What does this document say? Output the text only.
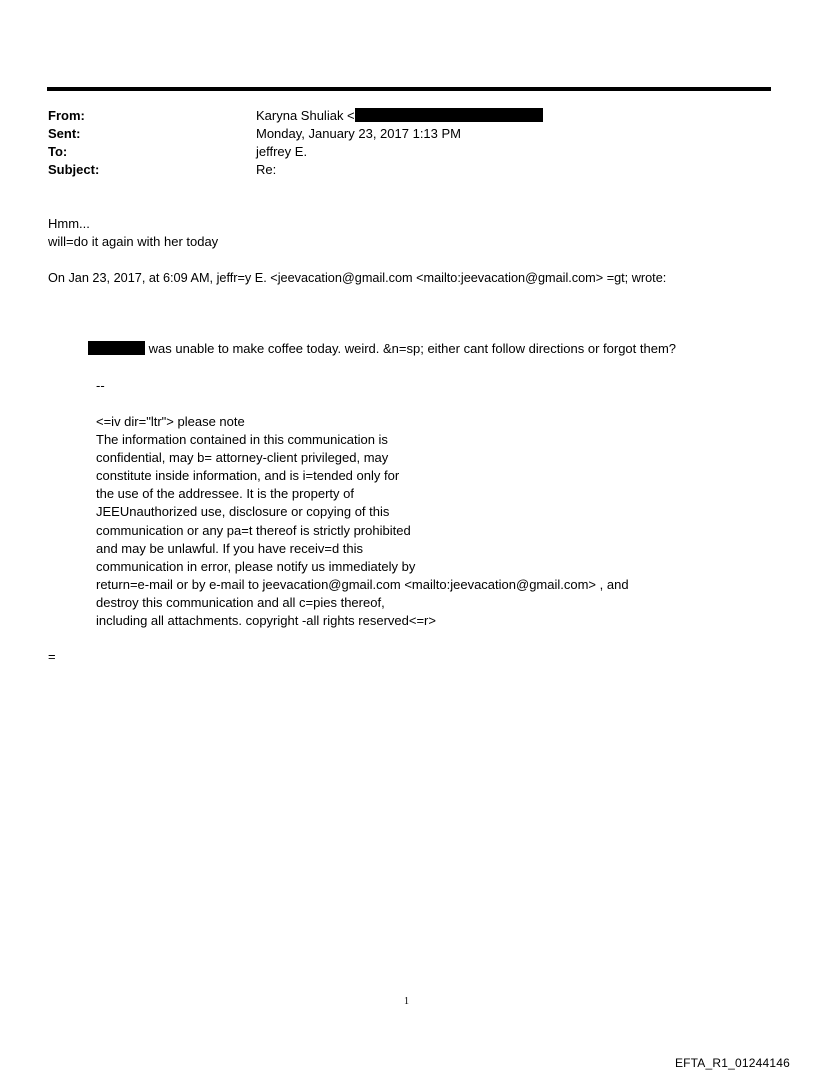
From:	Karyna Shuliak <
Sent:	Monday, January 23, 2017 1:13 PM
To:	jeffrey E.
Subject:	Re:
Hmm...
will=do it again with her today
On Jan 23, 2017, at 6:09 AM, jeffr=y E. <jeevacation@gmail.com <mailto:jeevacation@gmail.com> =gt; wrote:
was unable to make coffee today. weird. &n=sp; either cant follow directions or forgot them?
--
<=iv dir="ltr"> please note
The information contained in this communication is
confidential, may b= attorney-client privileged, may
constitute inside information, and is i=tended only for
the use of the addressee. It is the property of
JEEUnauthorized use, disclosure or copying of this
communication or any pa=t thereof is strictly prohibited
and may be unlawful. If you have receiv=d this
communication in error, please notify us immediately by
return=e-mail or by e-mail to jeevacation@gmail.com <mailto:jeevacation@gmail.com> , and
destroy this communication and all c=pies thereof,
including all attachments. copyright -all rights reserved<=r>
=
1
EFTA_R1_01244146
